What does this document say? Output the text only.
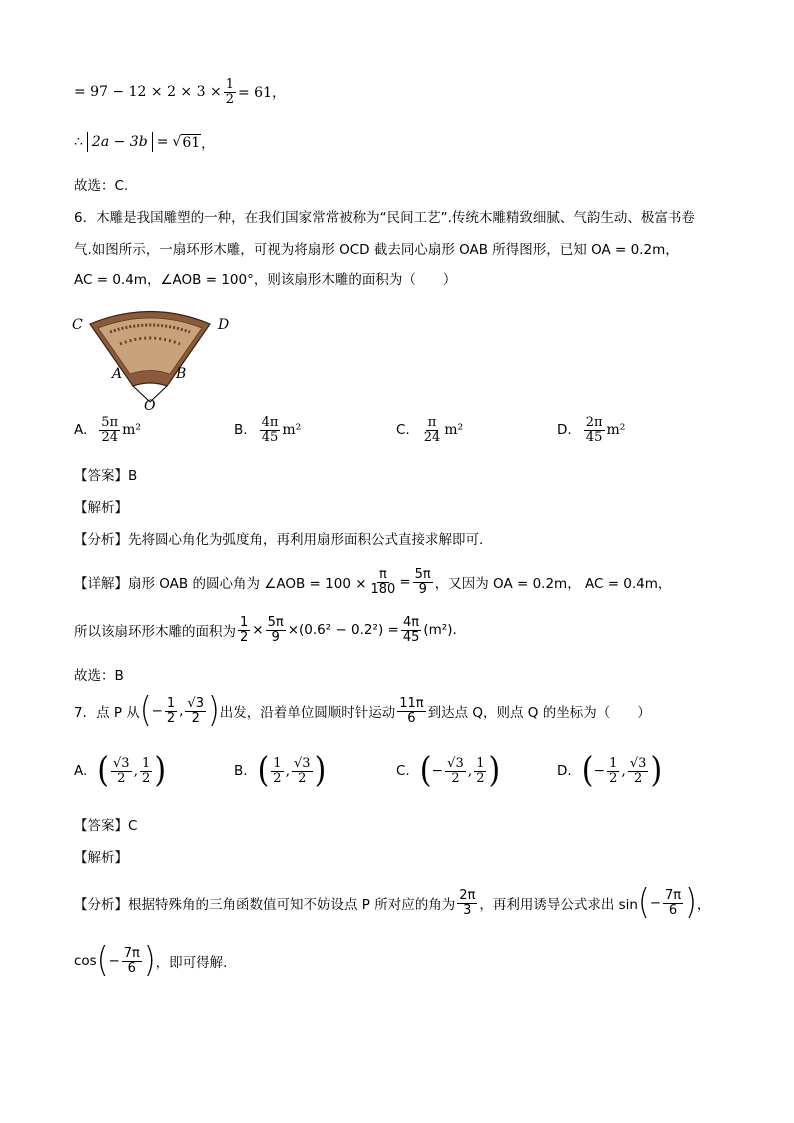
= $97 - 12 \times 2 \times 3 \times \frac{1}{2} = 61$，
∴ 2a − 3b = √ 61 ，
故选：C.
6．木雕是我国雕塑的一种，在我们国家常常被称为“民间工艺”.传统木雕精致细腻、气韵生动、极富书卷
气.如图所示，一扇环形木雕，可视为将扇形 OCD 截去同心扇形 OAB 所得图形，已知 OA = 0.2m，
AC = 0.4m，∠AOB = 100°，则该扇形木雕的面积为（　　）
C	D
A	B
O
A. $\frac{5\pi}{24} m^2$	B. $\frac{4\pi}{45} m^2$	C. $\frac{\pi}{24} m^2$	D. $\frac{2\pi}{45} m^2$
【答案】B
【解析】
【分析】先将圆心角化为弧度角，再利用扇形面积公式直接求解即可.
【详解】 扇形 OAB 的圆心角为 ∠AOB = $100 \times \frac{\pi}{180} = \frac{5\pi}{9}$ ，又因为 OA = 0.2m， AC = 0.4m，
所以该扇环形木雕的面积为 $\frac{1}{2} \times \frac{5\pi}{9} \times(0.6^2 - 0.2^2) = \frac{4\pi}{45} (m^2)$.
故选：B
7．点 P 从 ( − $\frac{1}{2}$ , $\frac{√3}{2}$ ) 出发，沿着单位圆顺时针运动 $\frac{11\pi}{6}$ 到达点 Q，则点 Q 的坐标为（　　）
A. ( $\frac{√3}{2}$ , $\frac{1}{2}$ )	B. ( $\frac{1}{2}$ , $\frac{√3}{2}$ )	C. ( − $\frac{√3}{2}$ , $\frac{1}{2}$ )	D. ( − $\frac{1}{2}$ , $\frac{√3}{2}$ )
【答案】C
【解析】
【分析】根据特殊角的三角函数值可知不妨设点 P 所对应的角为 $\frac{2\pi}{3}$ ，再利用诱导公式求出 sin ( − $\frac{7\pi}{6}$ ) ，
cos ( − $\frac{7\pi}{6}$ ) ，即可得解.
